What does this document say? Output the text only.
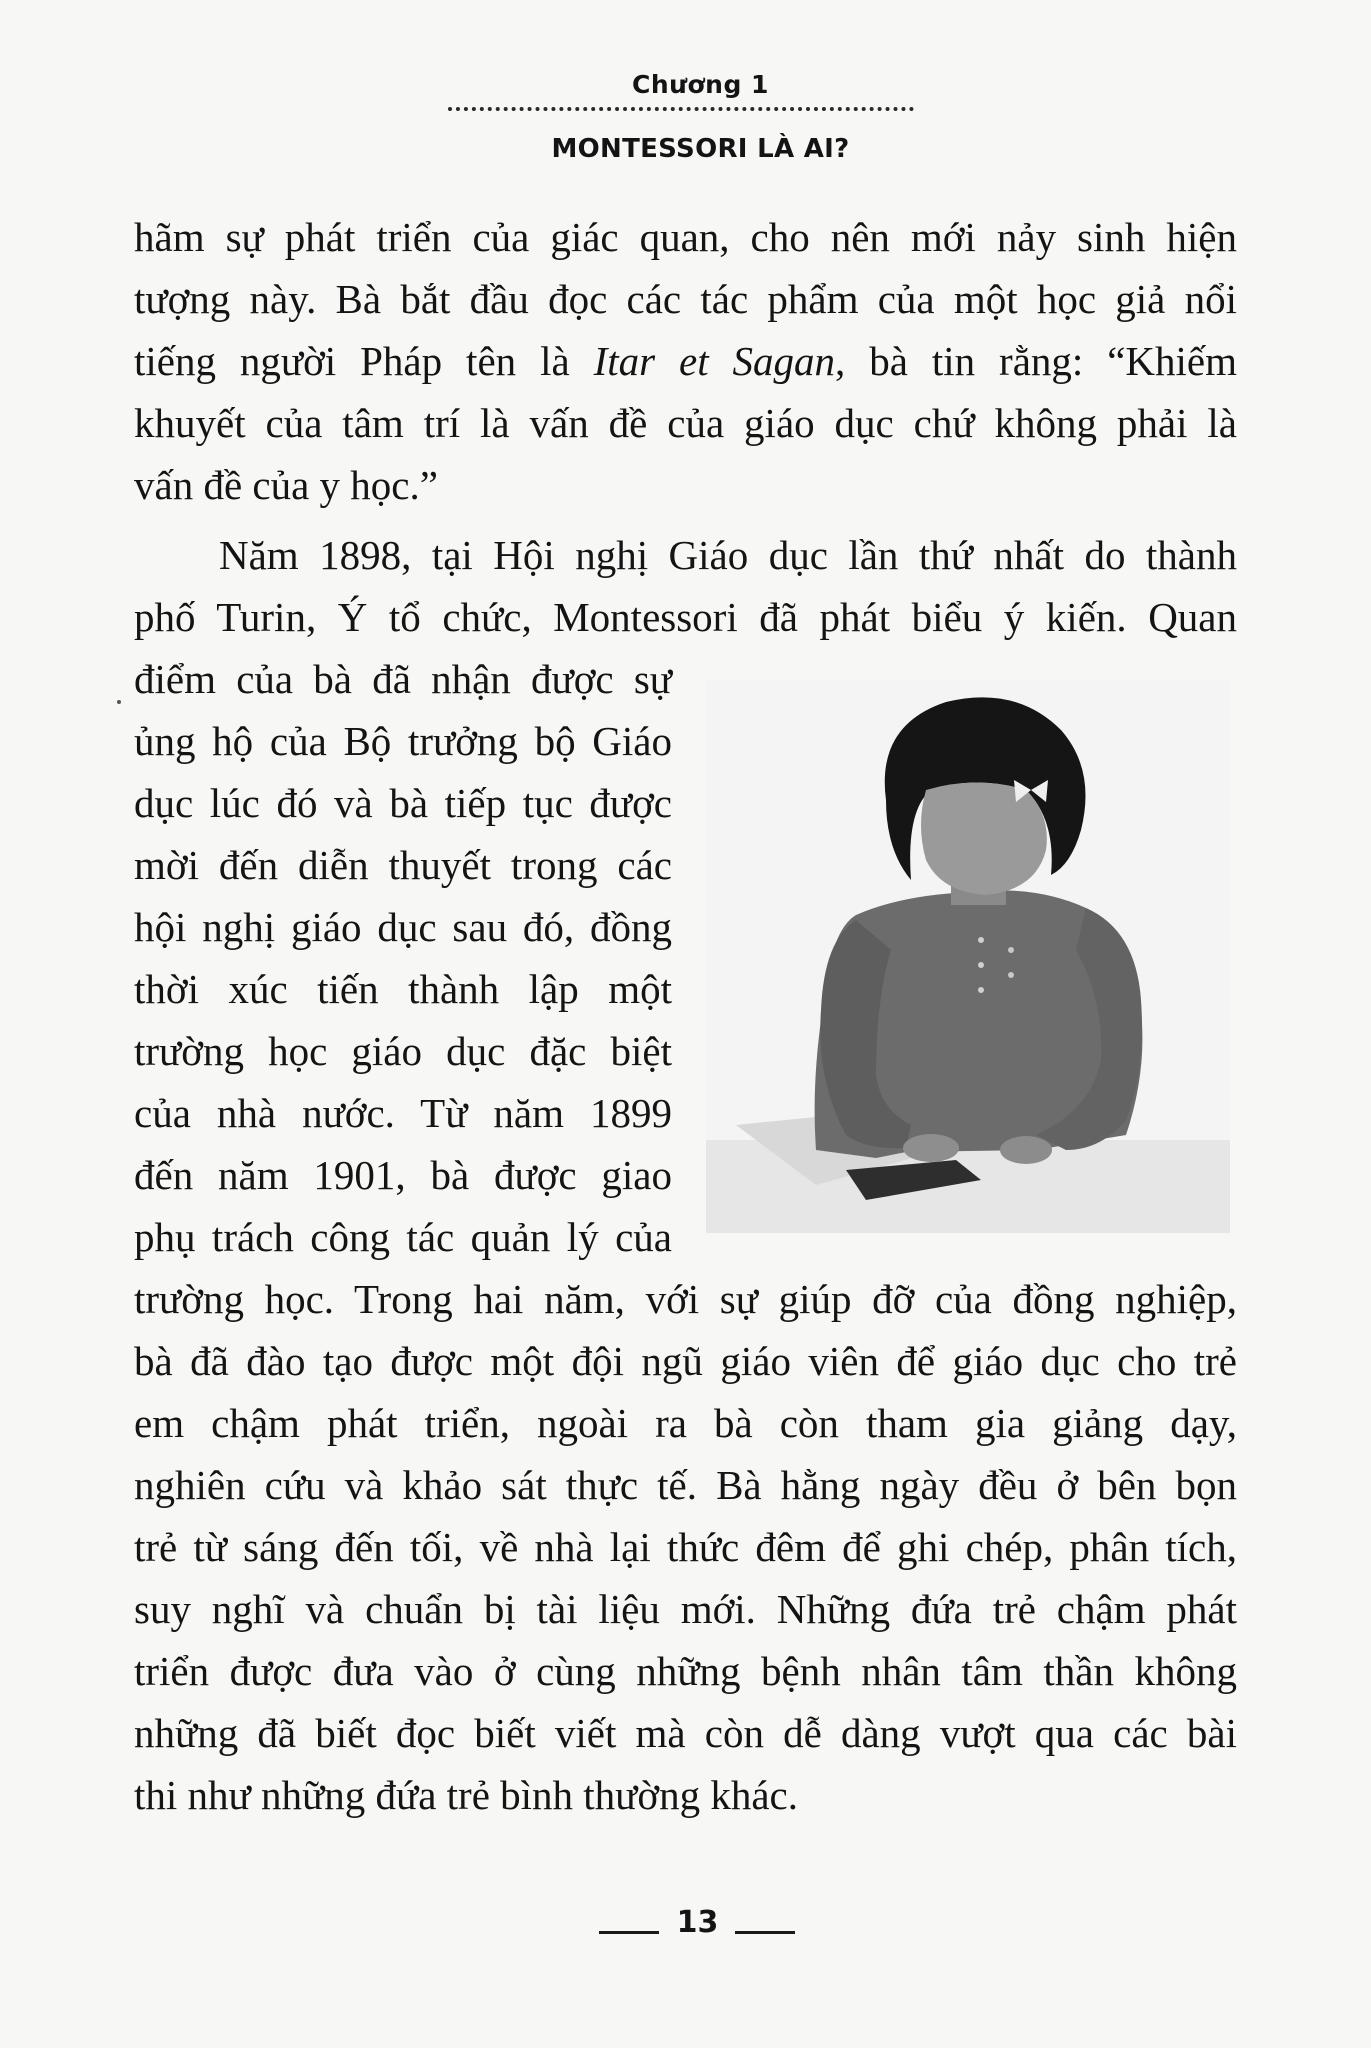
Chương 1
MONTESSORI LÀ AI?
hãm sự phát triển của giác quan, cho nên mới nảy sinh hiện
tượng này. Bà bắt đầu đọc các tác phẩm của một học giả nổi
tiếng người Pháp tên là Itar et Sagan, bà tin rằng: “Khiếm
khuyết của tâm trí là vấn đề của giáo dục chứ không phải là
vấn đề của y học.”
Năm 1898, tại Hội nghị Giáo dục lần thứ nhất do thành
phố Turin, Ý tổ chức, Montessori đã phát biểu ý kiến. Quan
điểm của bà đã nhận được sự
ủng hộ của Bộ trưởng bộ Giáo
dục lúc đó và bà tiếp tục được
mời đến diễn thuyết trong các
hội nghị giáo dục sau đó, đồng
thời xúc tiến thành lập một
trường học giáo dục đặc biệt
của nhà nước. Từ năm 1899
đến năm 1901, bà được giao
phụ trách công tác quản lý của
trường học. Trong hai năm, với sự giúp đỡ của đồng nghiệp,
bà đã đào tạo được một đội ngũ giáo viên để giáo dục cho trẻ
em chậm phát triển, ngoài ra bà còn tham gia giảng dạy,
nghiên cứu và khảo sát thực tế. Bà hằng ngày đều ở bên bọn
trẻ từ sáng đến tối, về nhà lại thức đêm để ghi chép, phân tích,
suy nghĩ và chuẩn bị tài liệu mới. Những đứa trẻ chậm phát
triển được đưa vào ở cùng những bệnh nhân tâm thần không
những đã biết đọc biết viết mà còn dễ dàng vượt qua các bài
thi như những đứa trẻ bình thường khác.
13
